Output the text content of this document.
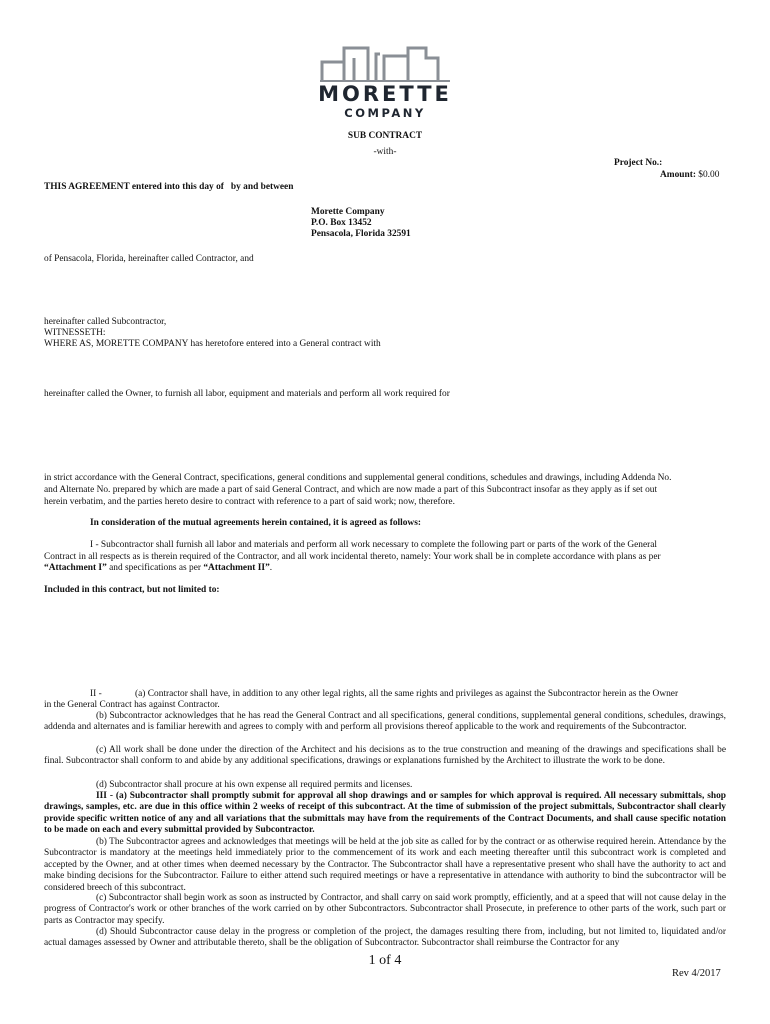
MORETTE
COMPANY
SUB CONTRACT
-with-
Project No.:
Amount: $0.00
THIS AGREEMENT entered into this day of by and between
Morette Company
P.O. Box 13452
Pensacola, Florida 32591
of Pensacola, Florida, hereinafter called Contractor, and
hereinafter called Subcontractor,
WITNESSETH:
WHERE AS, MORETTE COMPANY has heretofore entered into a General contract with
hereinafter called the Owner, to furnish all labor, equipment and materials and perform all work required for
in strict accordance with the General Contract, specifications, general conditions and supplemental general conditions, schedules and drawings, including Addenda No.
and Alternate No. prepared by which are made a part of said General Contract, and which are now made a part of this Subcontract insofar as they apply as if set out
herein verbatim, and the parties hereto desire to contract with reference to a part of said work; now, therefore.
In consideration of the mutual agreements herein contained, it is agreed as follows:
I - Subcontractor shall furnish all labor and materials and perform all work necessary to complete the following part or parts of the work of the General
Contract in all respects as is therein required of the Contractor, and all work incidental thereto, namely: Your work shall be in complete accordance with plans as per
“Attachment I” and specifications as per “Attachment II”.
Included in this contract, but not limited to:
II -	(a) Contractor shall have, in addition to any other legal rights, all the same rights and privileges as against the Subcontractor herein as the Owner
in the General Contract has against Contractor.
(b) Subcontractor acknowledges that he has read the General Contract and all specifications, general conditions, supplemental general conditions, schedules, drawings, addenda and alternates and is familiar herewith and agrees to comply with and perform all provisions thereof applicable to the work and requirements of the Subcontractor.
(c) All work shall be done under the direction of the Architect and his decisions as to the true construction and meaning of the drawings and specifications shall be final. Subcontractor shall conform to and abide by any additional specifications, drawings or explanations furnished by the Architect to illustrate the work to be done.
(d) Subcontractor shall procure at his own expense all required permits and licenses.
III - (a) Subcontractor shall promptly submit for approval all shop drawings and or samples for which approval is required. All necessary submittals, shop drawings, samples, etc. are due in this office within 2 weeks of receipt of this subcontract. At the time of submission of the project submittals, Subcontractor shall clearly provide specific written notice of any and all variations that the submittals may have from the requirements of the Contract Documents, and shall cause specific notation to be made on each and every submittal provided by Subcontractor.
(b) The Subcontractor agrees and acknowledges that meetings will be held at the job site as called for by the contract or as otherwise required herein. Attendance by the Subcontractor is mandatory at the meetings held immediately prior to the commencement of its work and each meeting thereafter until this subcontract work is completed and accepted by the Owner, and at other times when deemed necessary by the Contractor. The Subcontractor shall have a representative present who shall have the authority to act and make binding decisions for the Subcontractor. Failure to either attend such required meetings or have a representative in attendance with authority to bind the subcontractor will be considered breech of this subcontract.
(c) Subcontractor shall begin work as soon as instructed by Contractor, and shall carry on said work promptly, efficiently, and at a speed that will not cause delay in the progress of Contractor's work or other branches of the work carried on by other Subcontractors. Subcontractor shall Prosecute, in preference to other parts of the work, such part or parts as Contractor may specify.
(d) Should Subcontractor cause delay in the progress or completion of the project, the damages resulting there from, including, but not limited to, liquidated and/or actual damages assessed by Owner and attributable thereto, shall be the obligation of Subcontractor. Subcontractor shall reimburse the Contractor for any
1 of 4
Rev 4/2017
